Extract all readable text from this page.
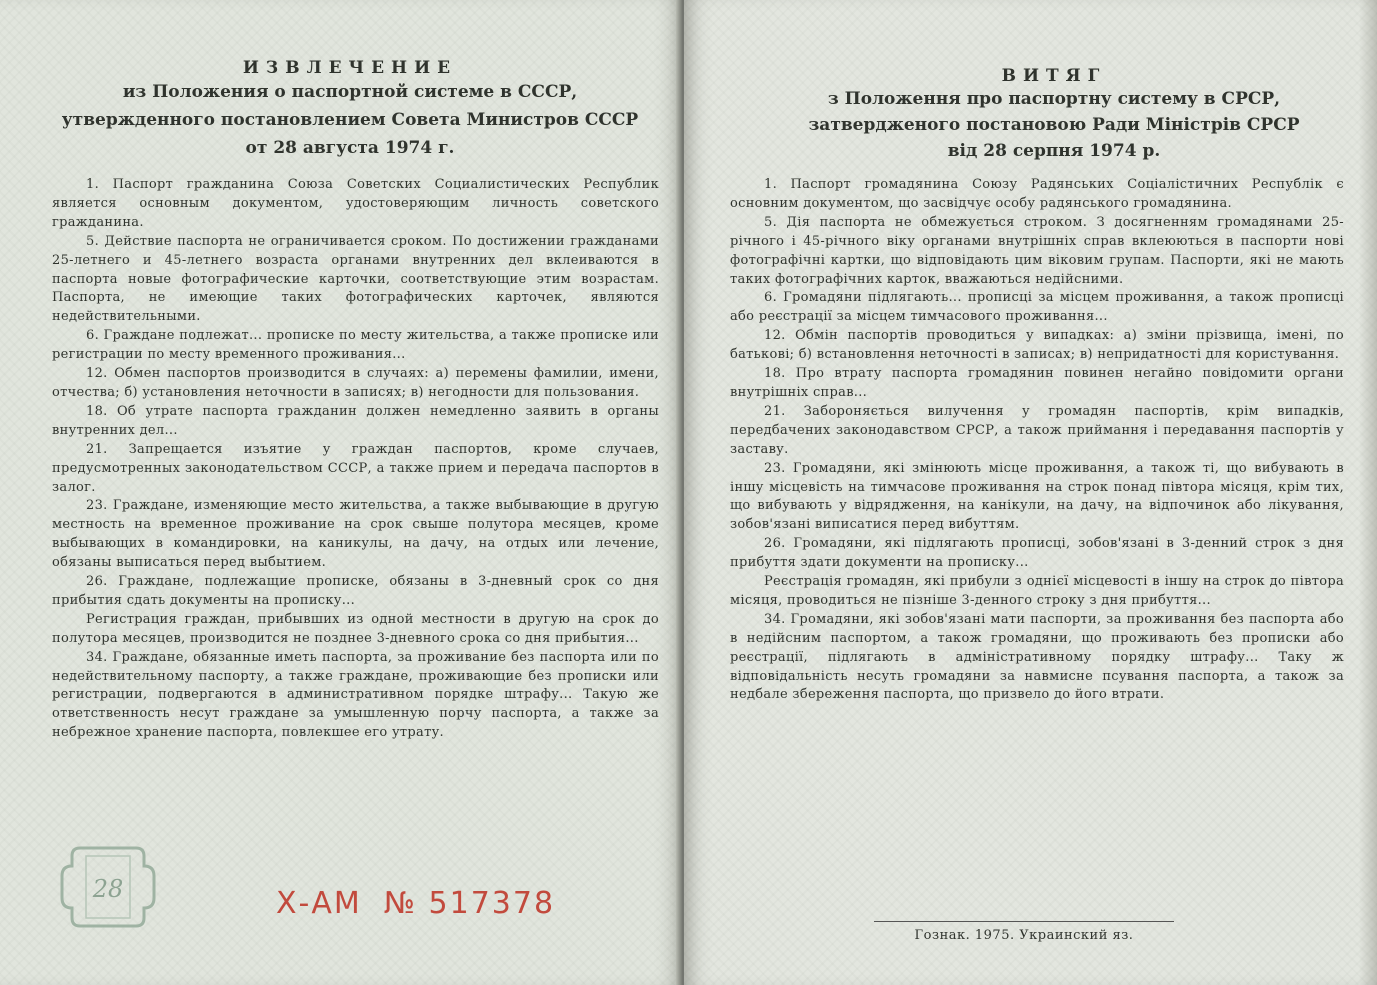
ИЗВЛЕЧЕНИЕ

из Положения о паспортной системе в СССР,

утвержденного постановлением Совета Министров СССР

от 28 августа 1974 г.

1. Паспорт гражданина Союза Советских Социалистических Республик является основным документом, удостоверяющим личность советского гражданина.

5. Действие паспорта не ограничивается сроком. По достижении гражданами 25-летнего и 45-летнего возраста органами внутренних дел вклеиваются в паспорта новые фотографические карточки, соответствующие этим возрастам. Паспорта, не имеющие таких фотографических карточек, являются недействительными.

6. Граждане подлежат... прописке по месту жительства, а также прописке или регистрации по месту временного проживания...

12. Обмен паспортов производится в случаях: а) перемены фамилии, имени, отчества; б) установления неточности в записях; в) негодности для пользования.

18. Об утрате паспорта гражданин должен немедленно заявить в органы внутренних дел...

21. Запрещается изъятие у граждан паспортов, кроме случаев, предусмотренных законодательством СССР, а также прием и передача паспортов в залог.

23. Граждане, изменяющие место жительства, а также выбывающие в другую местность на временное проживание на срок свыше полутора месяцев, кроме выбывающих в командировки, на каникулы, на дачу, на отдых или лечение, обязаны выписаться перед выбытием.

26. Граждане, подлежащие прописке, обязаны в 3-дневный срок со дня прибытия сдать документы на прописку...

Регистрация граждан, прибывших из одной местности в другую на срок до полутора месяцев, производится не позднее 3-дневного срока со дня прибытия...

34. Граждане, обязанные иметь паспорта, за проживание без паспорта или по недействительному паспорту, а также граждане, проживающие без прописки или регистрации, подвергаются в административном порядке штрафу... Такую же ответственность несут граждане за умышленную порчу паспорта, а также за небрежное хранение паспорта, повлекшее его утрату.

28	Х-АМ № 517378

ВИТЯГ

з Положення про паспортну систему в СРСР,

затвердженого постановою Ради Міністрів СРСР

від 28 серпня 1974 р.

1. Паспорт громадянина Союзу Радянських Соціалістичних Республік є основним документом, що засвідчує особу радянського громадянина.

5. Дія паспорта не обмежується строком. З досягненням громадянами 25-річного і 45-річного віку органами внутрішніх справ вклеюються в паспорти нові фотографічні картки, що відповідають цим віковим групам. Паспорти, які не мають таких фотографічних карток, вважаються недійсними.

6. Громадяни підлягають... прописці за місцем проживання, а також прописці або реєстрації за місцем тимчасового проживання...

12. Обмін паспортів проводиться у випадках: а) зміни прізвища, імені, по батькові; б) встановлення неточності в записах; в) непридатності для користування.

18. Про втрату паспорта громадянин повинен негайно повідомити органи внутрішніх справ...

21. Забороняється вилучення у громадян паспортів, крім випадків, передбачених законодавством СРСР, а також приймання і передавання паспортів у заставу.

23. Громадяни, які змінюють місце проживання, а також ті, що вибувають в іншу місцевість на тимчасове проживання на строк понад півтора місяця, крім тих, що вибувають у відрядження, на канікули, на дачу, на відпочинок або лікування, зобов'язані виписатися перед вибуттям.

26. Громадяни, які підлягають прописці, зобов'язані в 3-денний строк з дня прибуття здати документи на прописку...

Реєстрація громадян, які прибули з однієї місцевості в іншу на строк до півтора місяця, проводиться не пізніше 3-денного строку з дня прибуття...

34. Громадяни, які зобов'язані мати паспорти, за проживання без паспорта або в недійсним паспортом, а також громадяни, що проживають без прописки або реєстрації, підлягають в адміністративному порядку штрафу... Таку ж відповідальність несуть громадяни за навмисне псування паспорта, а також за недбале збереження паспорта, що призвело до його втрати.

Гознак. 1975. Украинский яз.
